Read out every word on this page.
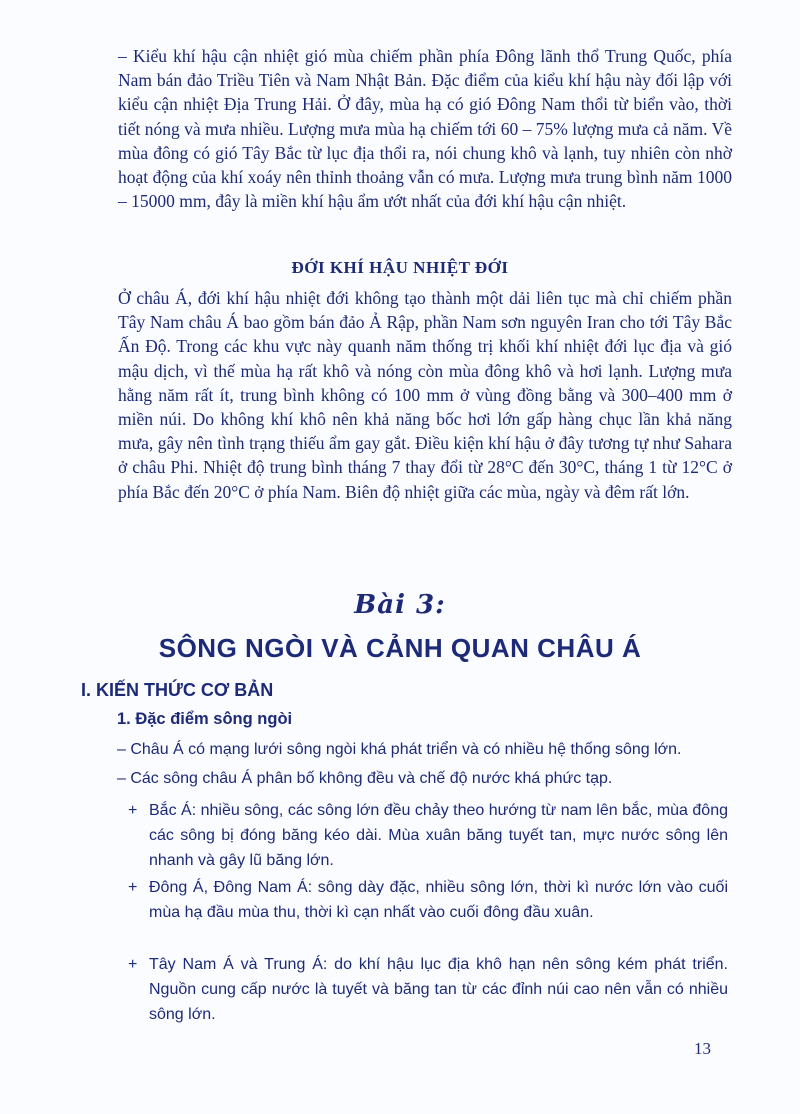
– Kiểu khí hậu cận nhiệt gió mùa chiếm phần phía Đông lãnh thổ Trung Quốc, phía Nam bán đảo Triều Tiên và Nam Nhật Bản. Đặc điểm của kiểu khí hậu này đối lập với kiểu cận nhiệt Địa Trung Hải. Ở đây, mùa hạ có gió Đông Nam thổi từ biển vào, thời tiết nóng và mưa nhiều. Lượng mưa mùa hạ chiếm tới 60 – 75% lượng mưa cả năm. Về mùa đông có gió Tây Bắc từ lục địa thổi ra, nói chung khô và lạnh, tuy nhiên còn nhờ hoạt động của khí xoáy nên thỉnh thoảng vẫn có mưa. Lượng mưa trung bình năm 1000 – 15000 mm, đây là miền khí hậu ẩm ướt nhất của đới khí hậu cận nhiệt.

ĐỚI KHÍ HẬU NHIỆT ĐỚI

Ở châu Á, đới khí hậu nhiệt đới không tạo thành một dải liên tục mà chỉ chiếm phần Tây Nam châu Á bao gồm bán đảo Ả Rập, phần Nam sơn nguyên Iran cho tới Tây Bắc Ấn Độ. Trong các khu vực này quanh năm thống trị khối khí nhiệt đới lục địa và gió mậu dịch, vì thế mùa hạ rất khô và nóng còn mùa đông khô và hơi lạnh. Lượng mưa hằng năm rất ít, trung bình không có 100 mm ở vùng đồng bằng và 300–400 mm ở miền núi. Do không khí khô nên khả năng bốc hơi lớn gấp hàng chục lần khả năng mưa, gây nên tình trạng thiếu ẩm gay gắt. Điều kiện khí hậu ở đây tương tự như Sahara ở châu Phi. Nhiệt độ trung bình tháng 7 thay đổi từ 28°C đến 30°C, tháng 1 từ 12°C ở phía Bắc đến 20°C ở phía Nam. Biên độ nhiệt giữa các mùa, ngày và đêm rất lớn.

Bài 3:
SÔNG NGÒI VÀ CẢNH QUAN CHÂU Á
I. KIẾN THỨC CƠ BẢN
1. Đặc điểm sông ngòi

– Châu Á có mạng lưới sông ngòi khá phát triển và có nhiều hệ thống sông lớn.

– Các sông châu Á phân bố không đều và chế độ nước khá phức tạp.

+ Bắc Á: nhiều sông, các sông lớn đều chảy theo hướng từ nam lên bắc, mùa đông các sông bị đóng băng kéo dài. Mùa xuân băng tuyết tan, mực nước sông lên nhanh và gây lũ băng lớn.
+ Đông Á, Đông Nam Á: sông dày đặc, nhiều sông lớn, thời kì nước lớn vào cuối mùa hạ đầu mùa thu, thời kì cạn nhất vào cuối đông đầu xuân.
+ Tây Nam Á và Trung Á: do khí hậu lục địa khô hạn nên sông kém phát triển. Nguồn cung cấp nước là tuyết và băng tan từ các đỉnh núi cao nên vẫn có nhiều sông lớn.
13
